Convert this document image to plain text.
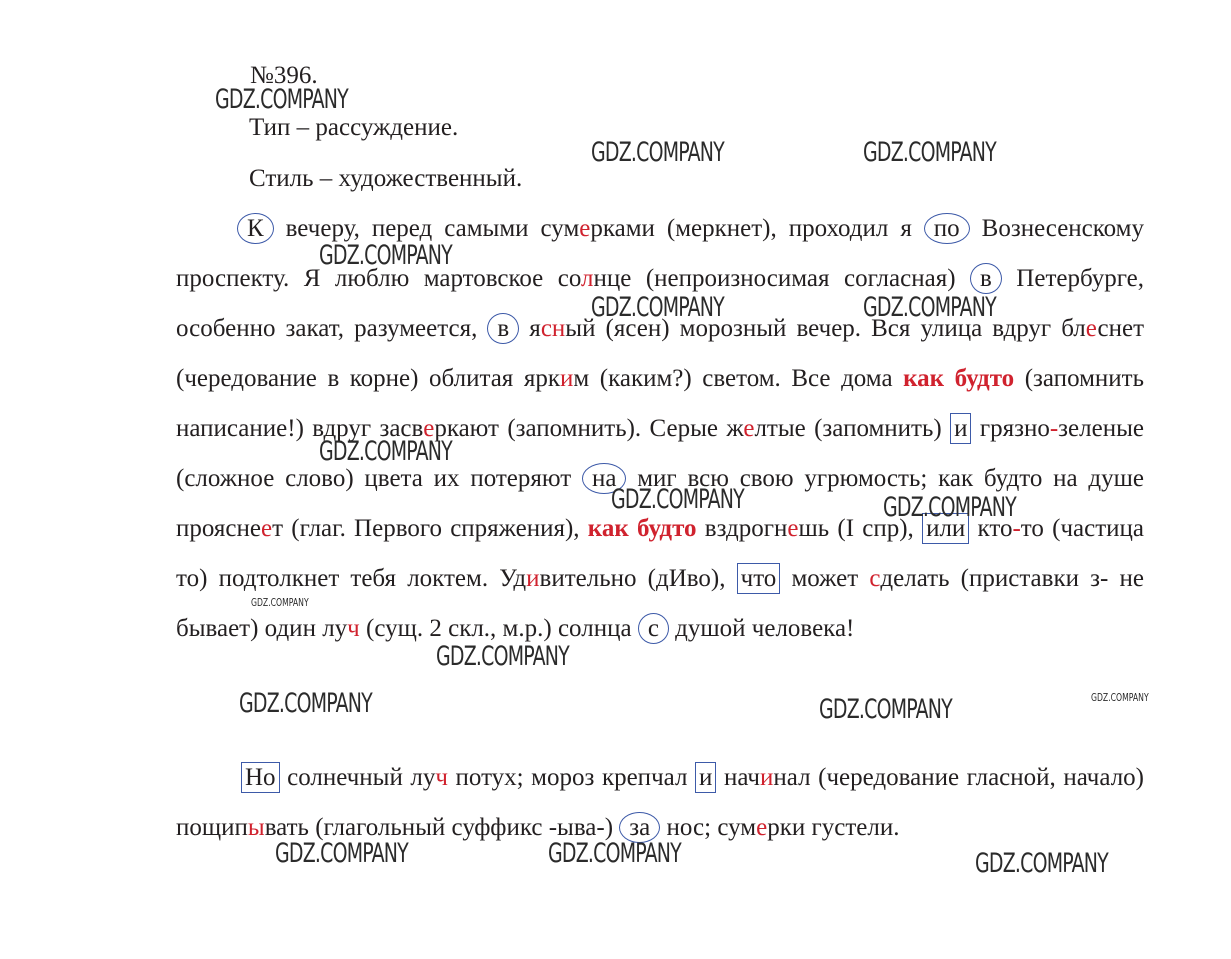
№396.
Тип – рассуждение.
Стиль – художественный.
К вечеру, перед самыми сумерками (меркнет), проходил я по Вознесенскому проспекту. Я люблю мартовское солнце (непроизносимая согласная) в Петербурге, особенно закат, разумеется, в ясный (ясен) морозный вечер. Вся улица вдруг блеснет (чередование в корне) облитая ярким (каким?) светом. Все дома как будто (запомнить написание!) вдруг засверкают (запомнить). Серые желтые (запомнить) и грязно-зеленые (сложное слово) цвета их потеряют на миг всю свою угрюмость; как будто на душе прояснеет (глаг. Первого спряжения), как будто вздрогнешь (I спр), или кто-то (частица то) подтолкнет тебя локтем. Удивительно (дИво), что может сделать (приставки з- не бывает) один луч (сущ. 2 скл., м.р.) солнца с душой человека!
Но солнечный луч потух; мороз крепчал и начинал (чередование гласной, начало) пощипывать (глагольный суффикс -ыва-) за нос; сумерки густели.
GDZ.COMPANY
GDZ.COMPANY	GDZ.COMPANY
GDZ.COMPANY
GDZ.COMPANY	GDZ.COMPANY
GDZ.COMPANY
GDZ.COMPANY	GDZ.COMPANY
GDZ.COMPANY
GDZ.COMPANY
GDZ.COMPANY	GDZ.COMPANY
GDZ.COMPANY
GDZ.COMPANY	GDZ.COMPANY	GDZ.COMPANY
